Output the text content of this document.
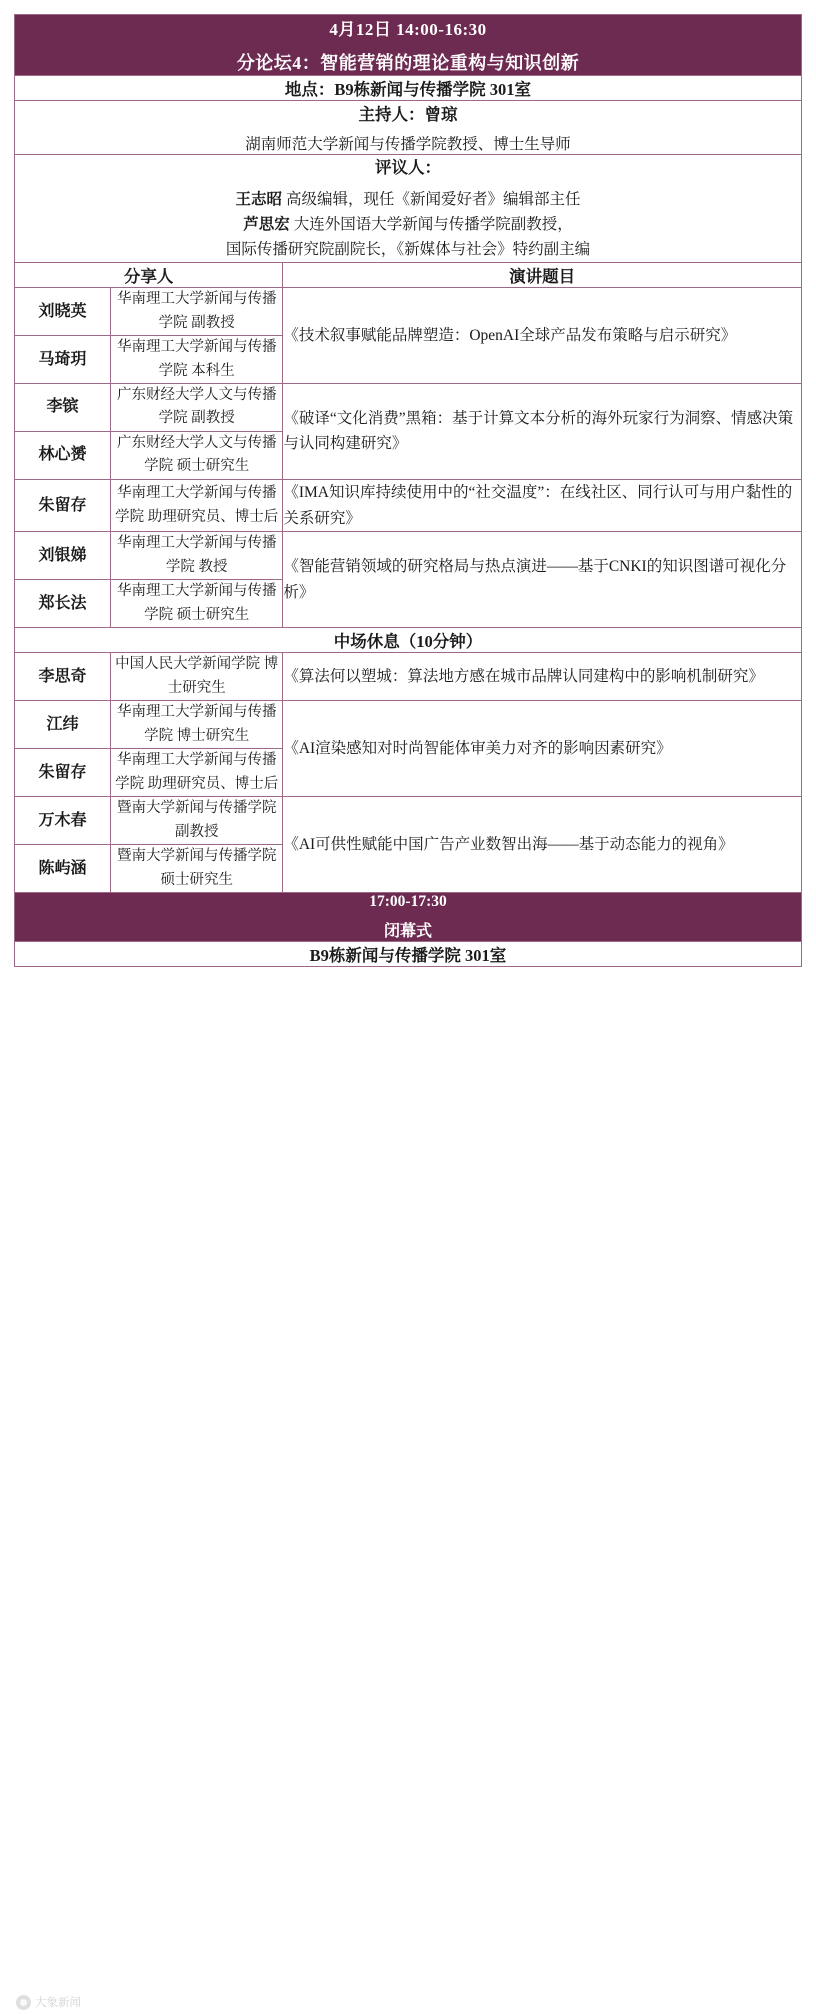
4月12日 14:00-16:30
分论坛4：智能营销的理论重构与知识创新		

地点：B9栋新闻与传播学院 301室		

主持人：曾琼
湖南师范大学新闻与传播学院教授、博士生导师		

评议人：
王志昭 高级编辑，现任《新闻爱好者》编辑部主任
芦思宏 大连外国语大学新闻与传播学院副教授，
国际传播研究院副院长，《新媒体与社会》特约副主编		

分享人		演讲题目
刘晓英	华南理工大学新闻与传播学院 副教授	《技术叙事赋能品牌塑造：OpenAI全球产品发布策略与启示研究》
马琦玥	华南理工大学新闻与传播学院 本科生	
李镔	广东财经大学人文与传播学院 副教授	《破译“文化消费”黑箱：基于计算文本分析的海外玩家行为洞察、情感决策与认同构建研究》
林心赟	广东财经大学人文与传播学院 硕士研究生	
朱留存	华南理工大学新闻与传播学院 助理研究员、博士后	《IMA知识库持续使用中的“社交温度”：在线社区、同行认可与用户黏性的关系研究》
刘银娣	华南理工大学新闻与传播学院 教授	《智能营销领域的研究格局与热点演进——基于CNKI的知识图谱可视化分析》
郑长法	华南理工大学新闻与传播学院 硕士研究生	
中场休息（10分钟）		
李思奇	中国人民大学新闻学院 博士研究生	《算法何以塑城：算法地方感在城市品牌认同建构中的影响机制研究》
江纬	华南理工大学新闻与传播学院 博士研究生	《AI渲染感知对时尚智能体审美力对齐的影响因素研究》
朱留存	华南理工大学新闻与传播学院 助理研究员、博士后	
万木春	暨南大学新闻与传播学院 副教授	《AI可供性赋能中国广告产业数智出海——基于动态能力的视角》
陈屿涵	暨南大学新闻与传播学院 硕士研究生	

17:00-17:30
闭幕式		

B9栋新闻与传播学院 301室		
大象新闻
